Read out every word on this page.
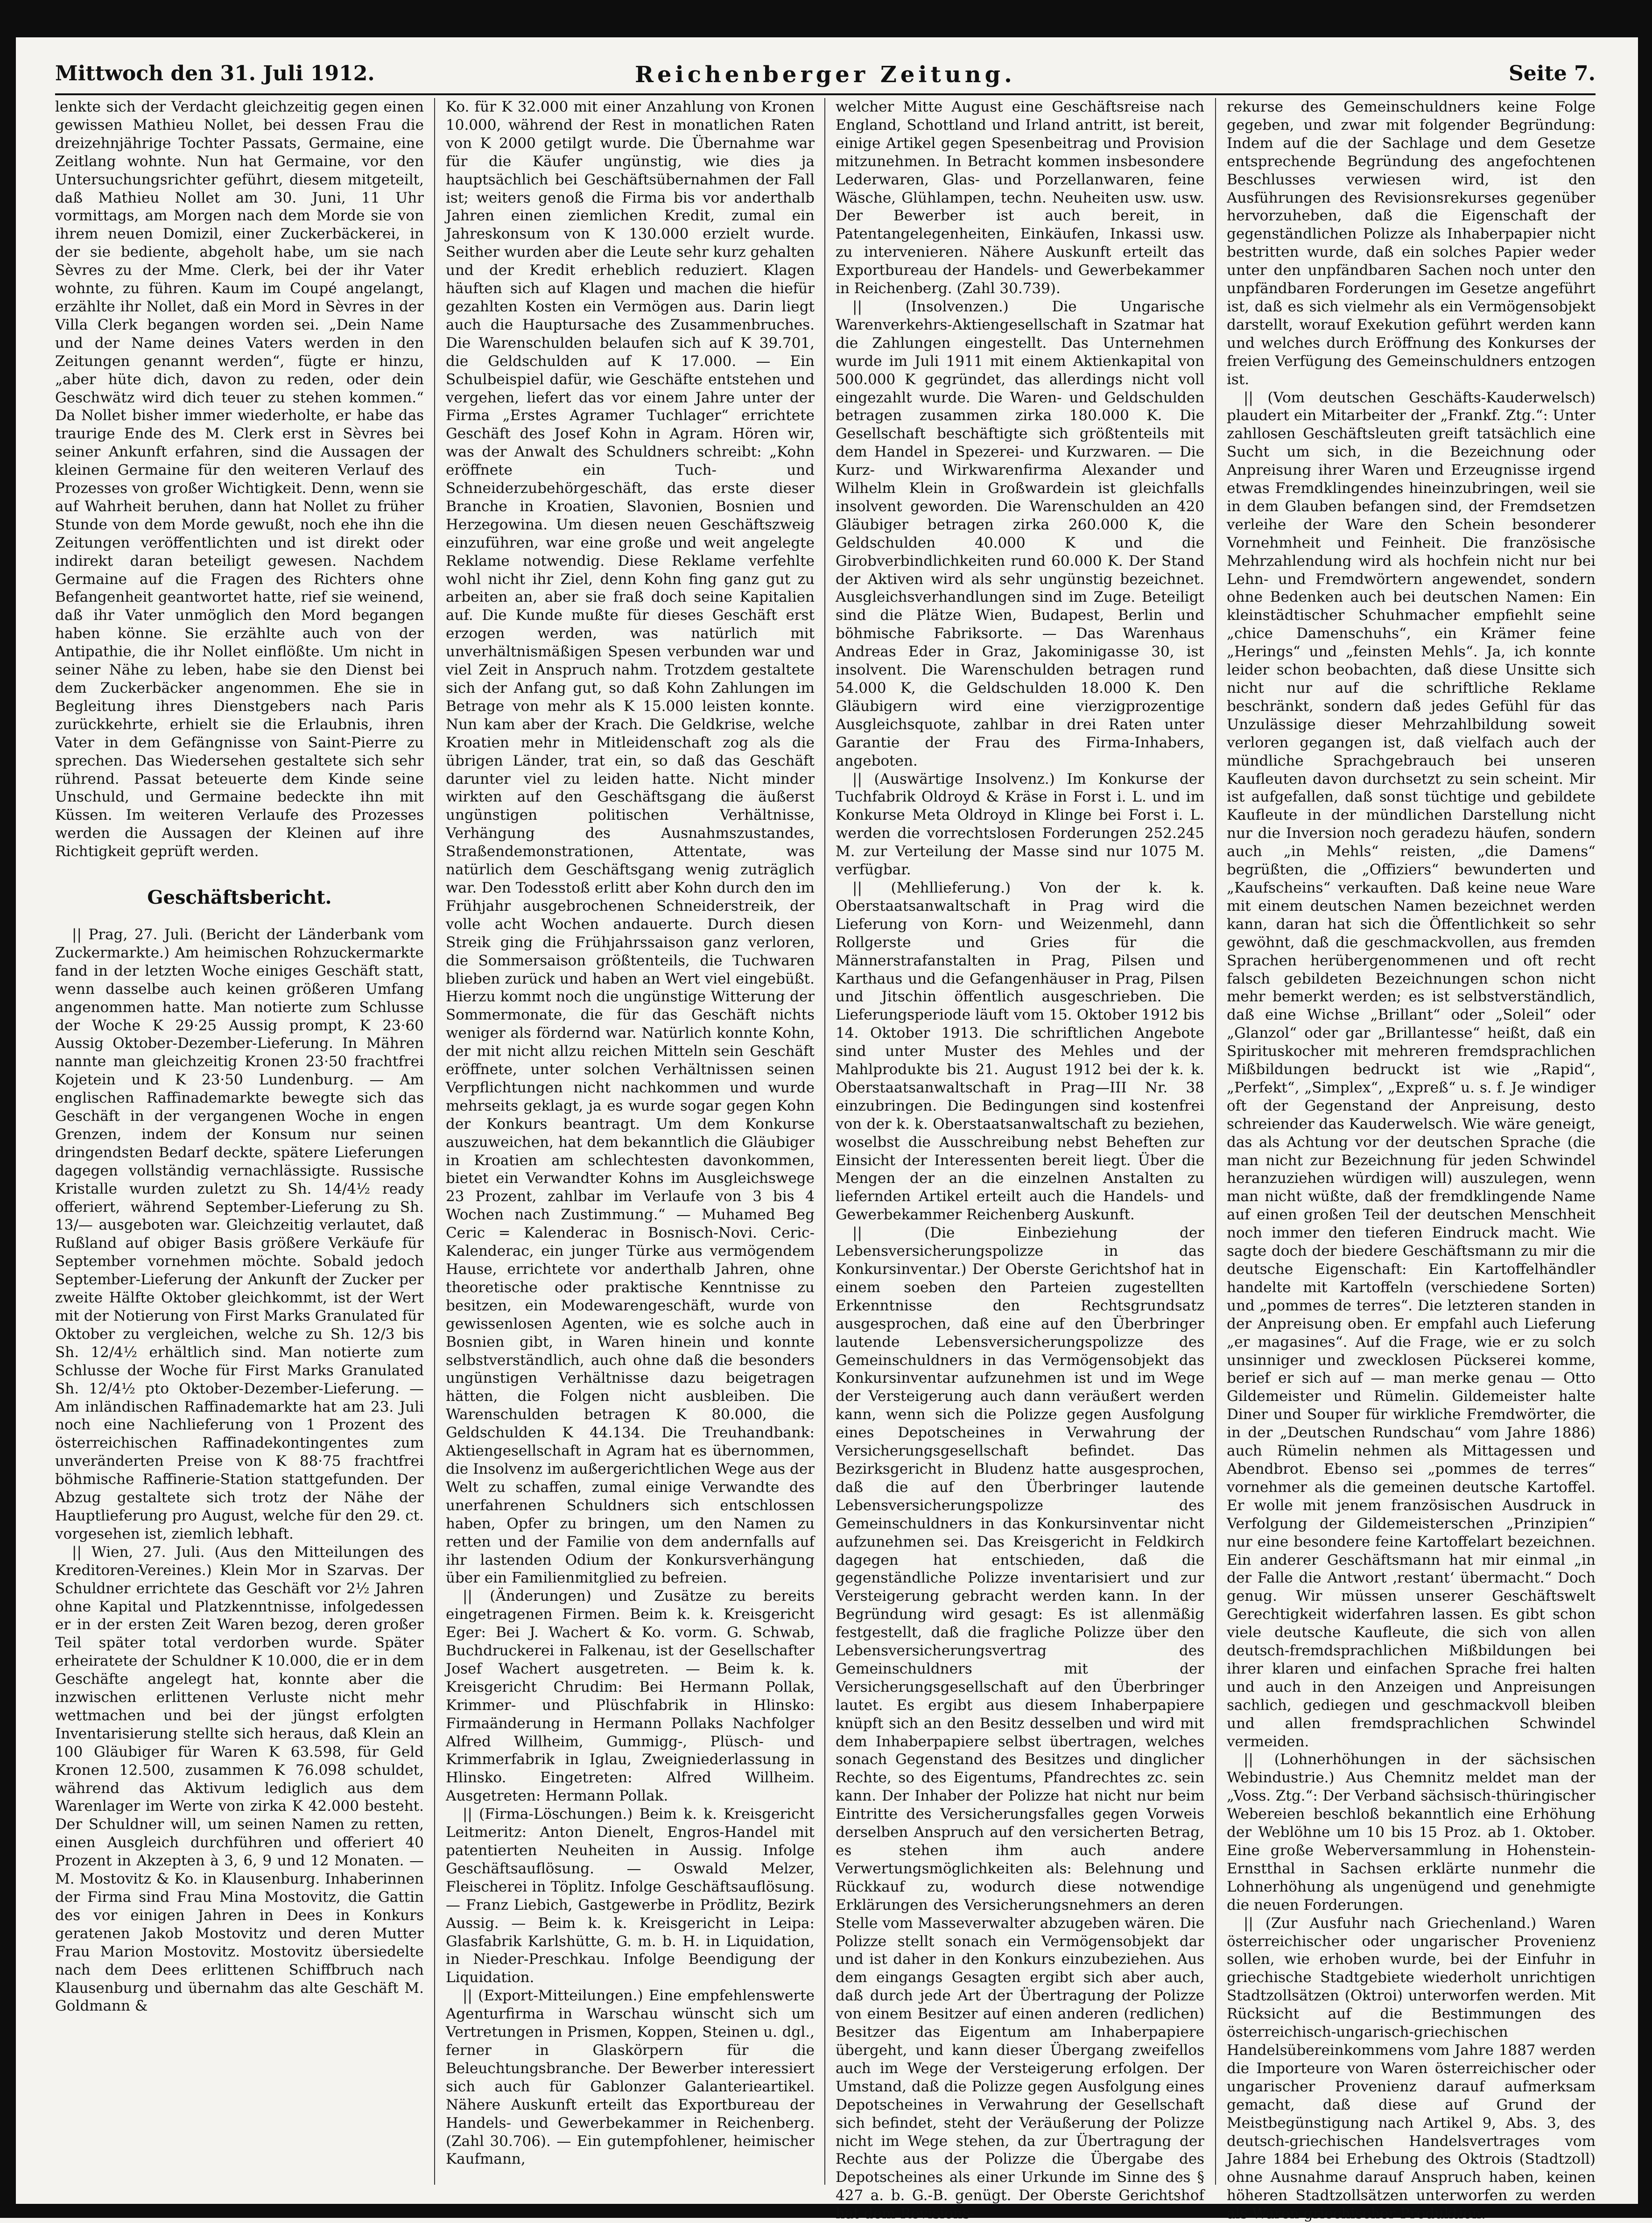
Mittwoch den 31. Juli 1912.	Reichenberger Zeitung.	Seite 7.

lenkte sich der Verdacht gleichzeitig gegen einen gewissen Mathieu Nollet, bei dessen Frau die dreizehnjährige Tochter Passats, Germaine, eine Zeitlang wohnte. Nun hat Germaine, vor den Untersuchungsrichter geführt, diesem mitgeteilt, daß Mathieu Nollet am 30. Juni, 11 Uhr vormittags, am Morgen nach dem Morde sie von ihrem neuen Domizil, einer Zuckerbäckerei, in der sie bediente, abgeholt habe, um sie nach Sèvres zu der Mme. Clerk, bei der ihr Vater wohnte, zu führen. Kaum im Coupé angelangt, erzählte ihr Nollet, daß ein Mord in Sèvres in der Villa Clerk begangen worden sei. „Dein Name und der Name deines Vaters werden in den Zeitungen genannt werden“, fügte er hinzu, „aber hüte dich, davon zu reden, oder dein Geschwätz wird dich teuer zu stehen kommen.“ Da Nollet bisher immer wiederholte, er habe das traurige Ende des M. Clerk erst in Sèvres bei seiner Ankunft erfahren, sind die Aussagen der kleinen Germaine für den weiteren Verlauf des Prozesses von großer Wichtigkeit. Denn, wenn sie auf Wahrheit beruhen, dann hat Nollet zu früher Stunde von dem Morde gewußt, noch ehe ihn die Zeitungen veröffentlichten und ist direkt oder indirekt daran beteiligt gewesen. Nachdem Germaine auf die Fragen des Richters ohne Befangenheit geantwortet hatte, rief sie weinend, daß ihr Vater unmöglich den Mord begangen haben könne. Sie erzählte auch von der Antipathie, die ihr Nollet einflößte. Um nicht in seiner Nähe zu leben, habe sie den Dienst bei dem Zuckerbäcker angenommen. Ehe sie in Begleitung ihres Dienstgebers nach Paris zurückkehrte, erhielt sie die Erlaubnis, ihren Vater in dem Gefängnisse von Saint-Pierre zu sprechen. Das Wiedersehen gestaltete sich sehr rührend. Passat beteuerte dem Kinde seine Unschuld, und Germaine bedeckte ihn mit Küssen. Im weiteren Verlaufe des Prozesses werden die Aussagen der Kleinen auf ihre Richtigkeit geprüft werden.

Geschäftsbericht.

|| Prag, 27. Juli. (Bericht der Länderbank vom Zuckermarkte.) Am heimischen Rohzuckermarkte fand in der letzten Woche einiges Geschäft statt, wenn dasselbe auch keinen größeren Umfang angenommen hatte. Man notierte zum Schlusse der Woche K 29·25 Aussig prompt, K 23·60 Aussig Oktober-Dezember-Lieferung. In Mähren nannte man gleichzeitig Kronen 23·50 frachtfrei Kojetein und K 23·50 Lundenburg. — Am englischen Raffinademarkte bewegte sich das Geschäft in der vergangenen Woche in engen Grenzen, indem der Konsum nur seinen dringendsten Bedarf deckte, spätere Lieferungen dagegen vollständig vernachlässigte. Russische Kristalle wurden zuletzt zu Sh. 14/4½ ready offeriert, während September-Lieferung zu Sh. 13/— ausgeboten war. Gleichzeitig verlautet, daß Rußland auf obiger Basis größere Verkäufe für September vornehmen möchte. Sobald jedoch September-Lieferung der Ankunft der Zucker per zweite Hälfte Oktober gleichkommt, ist der Wert mit der Notierung von First Marks Granulated für Oktober zu vergleichen, welche zu Sh. 12/3 bis Sh. 12/4½ erhältlich sind. Man notierte zum Schlusse der Woche für First Marks Granulated Sh. 12/4½ pto Oktober-Dezember-Lieferung. — Am inländischen Raffinademarkte hat am 23. Juli noch eine Nachlieferung von 1 Prozent des österreichischen Raffinadekontingentes zum unveränderten Preise von K 88·75 frachtfrei böhmische Raffinerie-Station stattgefunden. Der Abzug gestaltete sich trotz der Nähe der Hauptlieferung pro August, welche für den 29. ct. vorgesehen ist, ziemlich lebhaft.

|| Wien, 27. Juli. (Aus den Mitteilungen des Kreditoren-Vereines.) Klein Mor in Szarvas. Der Schuldner errichtete das Geschäft vor 2½ Jahren ohne Kapital und Platzkenntnisse, infolgedessen er in der ersten Zeit Waren bezog, deren großer Teil später total verdorben wurde. Später erheiratete der Schuldner K 10.000, die er in dem Geschäfte angelegt hat, konnte aber die inzwischen erlittenen Verluste nicht mehr wettmachen und bei der jüngst erfolgten Inventarisierung stellte sich heraus, daß Klein an 100 Gläubiger für Waren K 63.598, für Geld Kronen 12.500, zusammen K 76.098 schuldet, während das Aktivum lediglich aus dem Warenlager im Werte von zirka K 42.000 besteht. Der Schuldner will, um seinen Namen zu retten, einen Ausgleich durchführen und offeriert 40 Prozent in Akzepten à 3, 6, 9 und 12 Monaten. — M. Mostovitz & Ko. in Klausenburg. Inhaberinnen der Firma sind Frau Mina Mostovitz, die Gattin des vor einigen Jahren in Dees in Konkurs geratenen Jakob Mostovitz und deren Mutter Frau Marion Mostovitz. Mostovitz übersiedelte nach dem Dees erlittenen Schiffbruch nach Klausenburg und übernahm das alte Geschäft M. Goldmann &

Ko. für K 32.000 mit einer Anzahlung von Kronen 10.000, während der Rest in monatlichen Raten von K 2000 getilgt wurde. Die Übernahme war für die Käufer ungünstig, wie dies ja hauptsächlich bei Geschäftsübernahmen der Fall ist; weiters genoß die Firma bis vor anderthalb Jahren einen ziemlichen Kredit, zumal ein Jahreskonsum von K 130.000 erzielt wurde. Seither wurden aber die Leute sehr kurz gehalten und der Kredit erheblich reduziert. Klagen häuften sich auf Klagen und machen die hiefür gezahlten Kosten ein Vermögen aus. Darin liegt auch die Hauptursache des Zusammenbruches. Die Warenschulden belaufen sich auf K 39.701, die Geldschulden auf K 17.000. — Ein Schulbeispiel dafür, wie Geschäfte entstehen und vergehen, liefert das vor einem Jahre unter der Firma „Erstes Agramer Tuchlager“ errichtete Geschäft des Josef Kohn in Agram. Hören wir, was der Anwalt des Schuldners schreibt: „Kohn eröffnete ein Tuch- und Schneiderzubehörgeschäft, das erste dieser Branche in Kroatien, Slavonien, Bosnien und Herzegowina. Um diesen neuen Geschäftszweig einzuführen, war eine große und weit angelegte Reklame notwendig. Diese Reklame verfehlte wohl nicht ihr Ziel, denn Kohn fing ganz gut zu arbeiten an, aber sie fraß doch seine Kapitalien auf. Die Kunde mußte für dieses Geschäft erst erzogen werden, was natürlich mit unverhältnismäßigen Spesen verbunden war und viel Zeit in Anspruch nahm. Trotzdem gestaltete sich der Anfang gut, so daß Kohn Zahlungen im Betrage von mehr als K 15.000 leisten konnte. Nun kam aber der Krach. Die Geldkrise, welche Kroatien mehr in Mitleidenschaft zog als die übrigen Länder, trat ein, so daß das Geschäft darunter viel zu leiden hatte. Nicht minder wirkten auf den Geschäftsgang die äußerst ungünstigen politischen Verhältnisse, Verhängung des Ausnahmszustandes, Straßendemonstrationen, Attentate, was natürlich dem Geschäftsgang wenig zuträglich war. Den Todesstoß erlitt aber Kohn durch den im Frühjahr ausgebrochenen Schneiderstreik, der volle acht Wochen andauerte. Durch diesen Streik ging die Frühjahrssaison ganz verloren, die Sommersaison größtenteils, die Tuchwaren blieben zurück und haben an Wert viel eingebüßt. Hierzu kommt noch die ungünstige Witterung der Sommermonate, die für das Geschäft nichts weniger als fördernd war. Natürlich konnte Kohn, der mit nicht allzu reichen Mitteln sein Geschäft eröffnete, unter solchen Verhältnissen seinen Verpflichtungen nicht nachkommen und wurde mehrseits geklagt, ja es wurde sogar gegen Kohn der Konkurs beantragt. Um dem Konkurse auszuweichen, hat dem bekanntlich die Gläubiger in Kroatien am schlechtesten davonkommen, bietet ein Verwandter Kohns im Ausgleichswege 23 Prozent, zahlbar im Verlaufe von 3 bis 4 Wochen nach Zustimmung.“ — Muhamed Beg Ceric = Kalenderac in Bosnisch-Novi. Ceric-Kalenderac, ein junger Türke aus vermögendem Hause, errichtete vor anderthalb Jahren, ohne theoretische oder praktische Kenntnisse zu besitzen, ein Modewarengeschäft, wurde von gewissenlosen Agenten, wie es solche auch in Bosnien gibt, in Waren hinein und konnte selbstverständlich, auch ohne daß die besonders ungünstigen Verhältnisse dazu beigetragen hätten, die Folgen nicht ausbleiben. Die Warenschulden betragen K 80.000, die Geldschulden K 44.134. Die Treuhandbank: Aktiengesellschaft in Agram hat es übernommen, die Insolvenz im außergerichtlichen Wege aus der Welt zu schaffen, zumal einige Verwandte des unerfahrenen Schuldners sich entschlossen haben, Opfer zu bringen, um den Namen zu retten und der Familie von dem andernfalls auf ihr lastenden Odium der Konkursverhängung über ein Familienmitglied zu befreien.

|| (Änderungen) und Zusätze zu bereits eingetragenen Firmen. Beim k. k. Kreisgericht Eger: Bei J. Wachert & Ko. vorm. G. Schwab, Buchdruckerei in Falkenau, ist der Gesellschafter Josef Wachert ausgetreten. — Beim k. k. Kreisgericht Chrudim: Bei Hermann Pollak, Krimmer- und Plüschfabrik in Hlinsko: Firmaänderung in Hermann Pollaks Nachfolger Alfred Willheim, Gummigg-, Plüsch- und Krimmerfabrik in Iglau, Zweigniederlassung in Hlinsko. Eingetreten: Alfred Willheim. Ausgetreten: Hermann Pollak.

|| (Firma-Löschungen.) Beim k. k. Kreisgericht Leitmeritz: Anton Dienelt, Engros-Handel mit patentierten Neuheiten in Aussig. Infolge Geschäftsauflösung. — Oswald Melzer, Fleischerei in Töplitz. Infolge Geschäftsauflösung. — Franz Liebich, Gastgewerbe in Prödlitz, Bezirk Aussig. — Beim k. k. Kreisgericht in Leipa: Glasfabrik Karlshütte, G. m. b. H. in Liquidation, in Nieder-Preschkau. Infolge Beendigung der Liquidation.

|| (Export-Mitteilungen.) Eine empfehlenswerte Agenturfirma in Warschau wünscht sich um Vertretungen in Prismen, Koppen, Steinen u. dgl., ferner in Glaskörpern für die Beleuchtungsbranche. Der Bewerber interessiert sich auch für Gablonzer Galanterieartikel. Nähere Auskunft erteilt das Exportbureau der Handels- und Gewerbekammer in Reichenberg. (Zahl 30.706). — Ein gutempfohlener, heimischer Kaufmann,

welcher Mitte August eine Geschäftsreise nach England, Schottland und Irland antritt, ist bereit, einige Artikel gegen Spesenbeitrag und Provision mitzunehmen. In Betracht kommen insbesondere Lederwaren, Glas- und Porzellanwaren, feine Wäsche, Glühlampen, techn. Neuheiten usw. usw. Der Bewerber ist auch bereit, in Patentangelegenheiten, Einkäufen, Inkassi usw. zu intervenieren. Nähere Auskunft erteilt das Exportbureau der Handels- und Gewerbekammer in Reichenberg. (Zahl 30.739).

|| (Insolvenzen.) Die Ungarische Warenverkehrs-Aktiengesellschaft in Szatmar hat die Zahlungen eingestellt. Das Unternehmen wurde im Juli 1911 mit einem Aktienkapital von 500.000 K gegründet, das allerdings nicht voll eingezahlt wurde. Die Waren- und Geldschulden betragen zusammen zirka 180.000 K. Die Gesellschaft beschäftigte sich größtenteils mit dem Handel in Spezerei- und Kurzwaren. — Die Kurz- und Wirkwarenfirma Alexander und Wilhelm Klein in Großwardein ist gleichfalls insolvent geworden. Die Warenschulden an 420 Gläubiger betragen zirka 260.000 K, die Geldschulden 40.000 K und die Girobverbindlichkeiten rund 60.000 K. Der Stand der Aktiven wird als sehr ungünstig bezeichnet. Ausgleichsverhandlungen sind im Zuge. Beteiligt sind die Plätze Wien, Budapest, Berlin und böhmische Fabriksorte. — Das Warenhaus Andreas Eder in Graz, Jakominigasse 30, ist insolvent. Die Warenschulden betragen rund 54.000 K, die Geldschulden 18.000 K. Den Gläubigern wird eine vierzigprozentige Ausgleichsquote, zahlbar in drei Raten unter Garantie der Frau des Firma-Inhabers, angeboten.

|| (Auswärtige Insolvenz.) Im Konkurse der Tuchfabrik Oldroyd & Kräse in Forst i. L. und im Konkurse Meta Oldroyd in Klinge bei Forst i. L. werden die vorrechtslosen Forderungen 252.245 M. zur Verteilung der Masse sind nur 1075 M. verfügbar.

|| (Mehllieferung.) Von der k. k. Oberstaatsanwaltschaft in Prag wird die Lieferung von Korn- und Weizenmehl, dann Rollgerste und Gries für die Männerstrafanstalten in Prag, Pilsen und Karthaus und die Gefangenhäuser in Prag, Pilsen und Jitschin öffentlich ausgeschrieben. Die Lieferungsperiode läuft vom 15. Oktober 1912 bis 14. Oktober 1913. Die schriftlichen Angebote sind unter Muster des Mehles und der Mahlprodukte bis 21. August 1912 bei der k. k. Oberstaatsanwaltschaft in Prag—III Nr. 38 einzubringen. Die Bedingungen sind kostenfrei von der k. k. Oberstaatsanwaltschaft zu beziehen, woselbst die Ausschreibung nebst Beheften zur Einsicht der Interessenten bereit liegt. Über die Mengen der an die einzelnen Anstalten zu liefernden Artikel erteilt auch die Handels- und Gewerbekammer Reichenberg Auskunft.

|| (Die Einbeziehung der Lebensversicherungspolizze in das Konkursinventar.) Der Oberste Gerichtshof hat in einem soeben den Parteien zugestellten Erkenntnisse den Rechtsgrundsatz ausgesprochen, daß eine auf den Überbringer lautende Lebensversicherungspolizze des Gemeinschuldners in das Vermögensobjekt das Konkursinventar aufzunehmen ist und im Wege der Versteigerung auch dann veräußert werden kann, wenn sich die Polizze gegen Ausfolgung eines Depotscheines in Verwahrung der Versicherungsgesellschaft befindet. Das Bezirksgericht in Bludenz hatte ausgesprochen, daß die auf den Überbringer lautende Lebensversicherungspolizze des Gemeinschuldners in das Konkursinventar nicht aufzunehmen sei. Das Kreisgericht in Feldkirch dagegen hat entschieden, daß die gegenständliche Polizze inventarisiert und zur Versteigerung gebracht werden kann. In der Begründung wird gesagt: Es ist allenmäßig festgestellt, daß die fragliche Polizze über den Lebensversicherungsvertrag des Gemeinschuldners mit der Versicherungsgesellschaft auf den Überbringer lautet. Es ergibt aus diesem Inhaberpapiere knüpft sich an den Besitz desselben und wird mit dem Inhaberpapiere selbst übertragen, welches sonach Gegenstand des Besitzes und dinglicher Rechte, so des Eigentums, Pfandrechtes zc. sein kann. Der Inhaber der Polizze hat nicht nur beim Eintritte des Versicherungsfalles gegen Vorweis derselben Anspruch auf den versicherten Betrag, es stehen ihm auch andere Verwertungsmöglichkeiten als: Belehnung und Rückkauf zu, wodurch diese notwendige Erklärungen des Versicherungsnehmers an deren Stelle vom Masseverwalter abzugeben wären. Die Polizze stellt sonach ein Vermögensobjekt dar und ist daher in den Konkurs einzubeziehen. Aus dem eingangs Gesagten ergibt sich aber auch, daß durch jede Art der Übertragung der Polizze von einem Besitzer auf einen anderen (redlichen) Besitzer das Eigentum am Inhaberpapiere übergeht, und kann dieser Übergang zweifellos auch im Wege der Versteigerung erfolgen. Der Umstand, daß die Polizze gegen Ausfolgung eines Depotscheines in Verwahrung der Gesellschaft sich befindet, steht der Veräußerung der Polizze nicht im Wege stehen, da zur Übertragung der Rechte aus der Polizze die Übergabe des Depotscheines als einer Urkunde im Sinne des § 427 a. b. G.-B. genügt. Der Oberste Gerichtshof hat dem Revisions-

rekurse des Gemeinschuldners keine Folge gegeben, und zwar mit folgender Begründung: Indem auf die der Sachlage und dem Gesetze entsprechende Begründung des angefochtenen Beschlusses verwiesen wird, ist den Ausführungen des Revisionsrekurses gegenüber hervorzuheben, daß die Eigenschaft der gegenständlichen Polizze als Inhaberpapier nicht bestritten wurde, daß ein solches Papier weder unter den unpfändbaren Sachen noch unter den unpfändbaren Forderungen im Gesetze angeführt ist, daß es sich vielmehr als ein Vermögensobjekt darstellt, worauf Exekution geführt werden kann und welches durch Eröffnung des Konkurses der freien Verfügung des Gemeinschuldners entzogen ist.

|| (Vom deutschen Geschäfts-Kauderwelsch) plaudert ein Mitarbeiter der „Frankf. Ztg.“: Unter zahllosen Geschäftsleuten greift tatsächlich eine Sucht um sich, in die Bezeichnung oder Anpreisung ihrer Waren und Erzeugnisse irgend etwas Fremdklingendes hineinzubringen, weil sie in dem Glauben befangen sind, der Fremdsetzen verleihe der Ware den Schein besonderer Vornehmheit und Feinheit. Die französische Mehrzahlendung wird als hochfein nicht nur bei Lehn- und Fremdwörtern angewendet, sondern ohne Bedenken auch bei deutschen Namen: Ein kleinstädtischer Schuhmacher empfiehlt seine „chice Damenschuhs“, ein Krämer feine „Herings“ und „feinsten Mehls“. Ja, ich konnte leider schon beobachten, daß diese Unsitte sich nicht nur auf die schriftliche Reklame beschränkt, sondern daß jedes Gefühl für das Unzulässige dieser Mehrzahlbildung soweit verloren gegangen ist, daß vielfach auch der mündliche Sprachgebrauch bei unseren Kaufleuten davon durchsetzt zu sein scheint. Mir ist aufgefallen, daß sonst tüchtige und gebildete Kaufleute in der mündlichen Darstellung nicht nur die Inversion noch geradezu häufen, sondern auch „in Mehls“ reisten, „die Damens“ begrüßten, die „Offiziers“ bewunderten und „Kaufscheins“ verkauften. Daß keine neue Ware mit einem deutschen Namen bezeichnet werden kann, daran hat sich die Öffentlichkeit so sehr gewöhnt, daß die geschmackvollen, aus fremden Sprachen herübergenommenen und oft recht falsch gebildeten Bezeichnungen schon nicht mehr bemerkt werden; es ist selbstverständlich, daß eine Wichse „Brillant“ oder „Soleil“ oder „Glanzol“ oder gar „Brillantesse“ heißt, daß ein Spirituskocher mit mehreren fremdsprachlichen Mißbildungen bedruckt ist wie „Rapid“, „Perfekt“, „Simplex“, „Expreß“ u. s. f. Je windiger oft der Gegenstand der Anpreisung, desto schreiender das Kauderwelsch. Wie wäre geneigt, das als Achtung vor der deutschen Sprache (die man nicht zur Bezeichnung für jeden Schwindel heranzuziehen würdigen will) auszulegen, wenn man nicht wüßte, daß der fremdklingende Name auf einen großen Teil der deutschen Menschheit noch immer den tieferen Eindruck macht. Wie sagte doch der biedere Geschäftsmann zu mir die deutsche Eigenschaft: Ein Kartoffelhändler handelte mit Kartoffeln (verschiedene Sorten) und „pommes de terres“. Die letzteren standen in der Anpreisung oben. Er empfahl auch Lieferung „er magasines“. Auf die Frage, wie er zu solch unsinniger und zwecklosen Pückserei komme, berief er sich auf — man merke genau — Otto Gildemeister und Rümelin. Gildemeister halte Diner und Souper für wirkliche Fremdwörter, die in der „Deutschen Rundschau“ vom Jahre 1886) auch Rümelin nehmen als Mittagessen und Abendbrot. Ebenso sei „pommes de terres“ vornehmer als die gemeinen deutsche Kartoffel. Er wolle mit jenem französischen Ausdruck in Verfolgung der Gildemeisterschen „Prinzipien“ nur eine besondere feine Kartoffelart bezeichnen. Ein anderer Geschäftsmann hat mir einmal „in der Falle die Antwort ‚restant‘ übermacht.“ Doch genug. Wir müssen unserer Geschäftswelt Gerechtigkeit widerfahren lassen. Es gibt schon viele deutsche Kaufleute, die sich von allen deutsch-fremdsprachlichen Mißbildungen bei ihrer klaren und einfachen Sprache frei halten und auch in den Anzeigen und Anpreisungen sachlich, gediegen und geschmackvoll bleiben und allen fremdsprachlichen Schwindel vermeiden.

|| (Lohnerhöhungen in der sächsischen Webindustrie.) Aus Chemnitz meldet man der „Voss. Ztg.“: Der Verband sächsisch-thüringischer Webereien beschloß bekanntlich eine Erhöhung der Weblöhne um 10 bis 15 Proz. ab 1. Oktober. Eine große Weberversammlung in Hohenstein-Ernstthal in Sachsen erklärte nunmehr die Lohnerhöhung als ungenügend und genehmigte die neuen Forderungen.

|| (Zur Ausfuhr nach Griechenland.) Waren österreichischer oder ungarischer Provenienz sollen, wie erhoben wurde, bei der Einfuhr in griechische Stadtgebiete wiederholt unrichtigen Stadtzollsätzen (Oktroi) unterworfen werden. Mit Rücksicht auf die Bestimmungen des österreichisch-ungarisch-griechischen Handelsübereinkommens vom Jahre 1887 werden die Importeure von Waren österreichischer oder ungarischer Provenienz darauf aufmerksam gemacht, daß diese auf Grund der Meistbegünstigung nach Artikel 9, Abs. 3, des deutsch-griechischen Handelsvertrages vom Jahre 1884 bei Erhebung des Oktrois (Stadtzoll) ohne Ausnahme darauf Anspruch haben, keinen höheren Stadtzollsätzen unterworfen zu werden als Waren griechischer Produktion.
